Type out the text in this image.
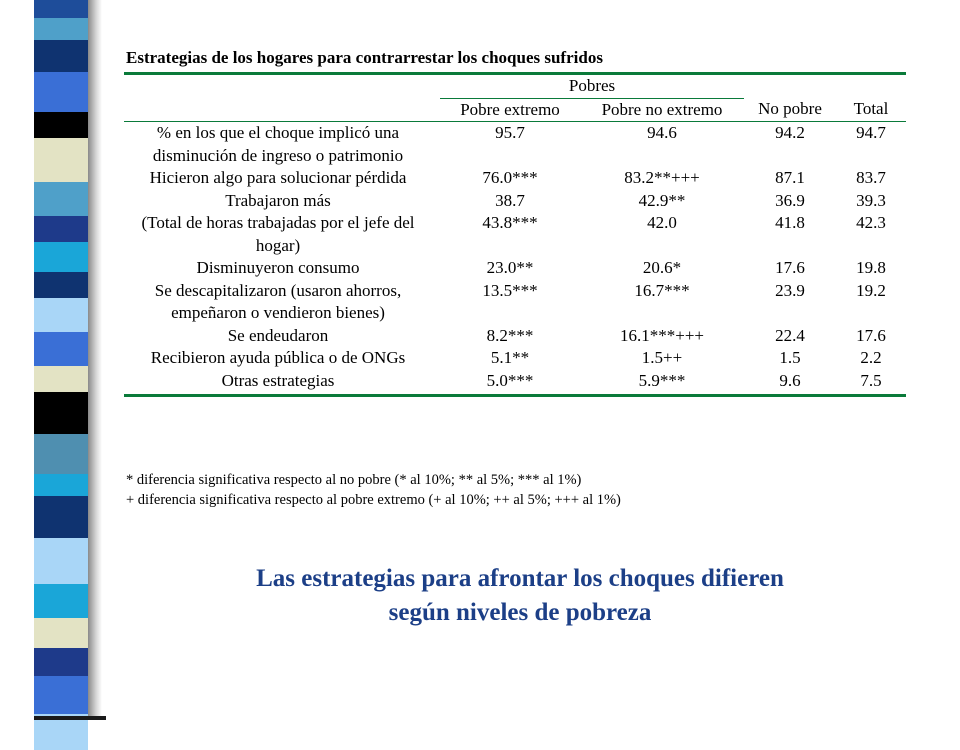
Estrategias de los hogares para contrarrestar los choques sufridos
	Pobres			
	Pobre extremo	Pobre no extremo	No pobre	Total
% en los que el choque implicó una disminución de ingreso o patrimonio	95.7	94.6	94.2	94.7
Hicieron algo para solucionar pérdida	76.0***	83.2**+++	87.1	83.7
Trabajaron más	38.7	42.9**	36.9	39.3
(Total de horas trabajadas por el jefe del hogar)	43.8***	42.0	41.8	42.3
Disminuyeron consumo	23.0**	20.6*	17.6	19.8
Se descapitalizaron (usaron ahorros, empeñaron o vendieron bienes)	13.5***	16.7***	23.9	19.2
Se endeudaron	8.2***	16.1***+++	22.4	17.6
Recibieron ayuda pública o de ONGs	5.1**	1.5++	1.5	2.2
Otras estrategias	5.0***	5.9***	9.6	7.5
* diferencia significativa respecto al no pobre (* al 10%; ** al 5%; *** al 1%)
+ diferencia significativa respecto al pobre extremo (+ al 10%; ++ al 5%; +++ al 1%)
Las estrategias para afrontar los choques difieren
según niveles de pobreza
